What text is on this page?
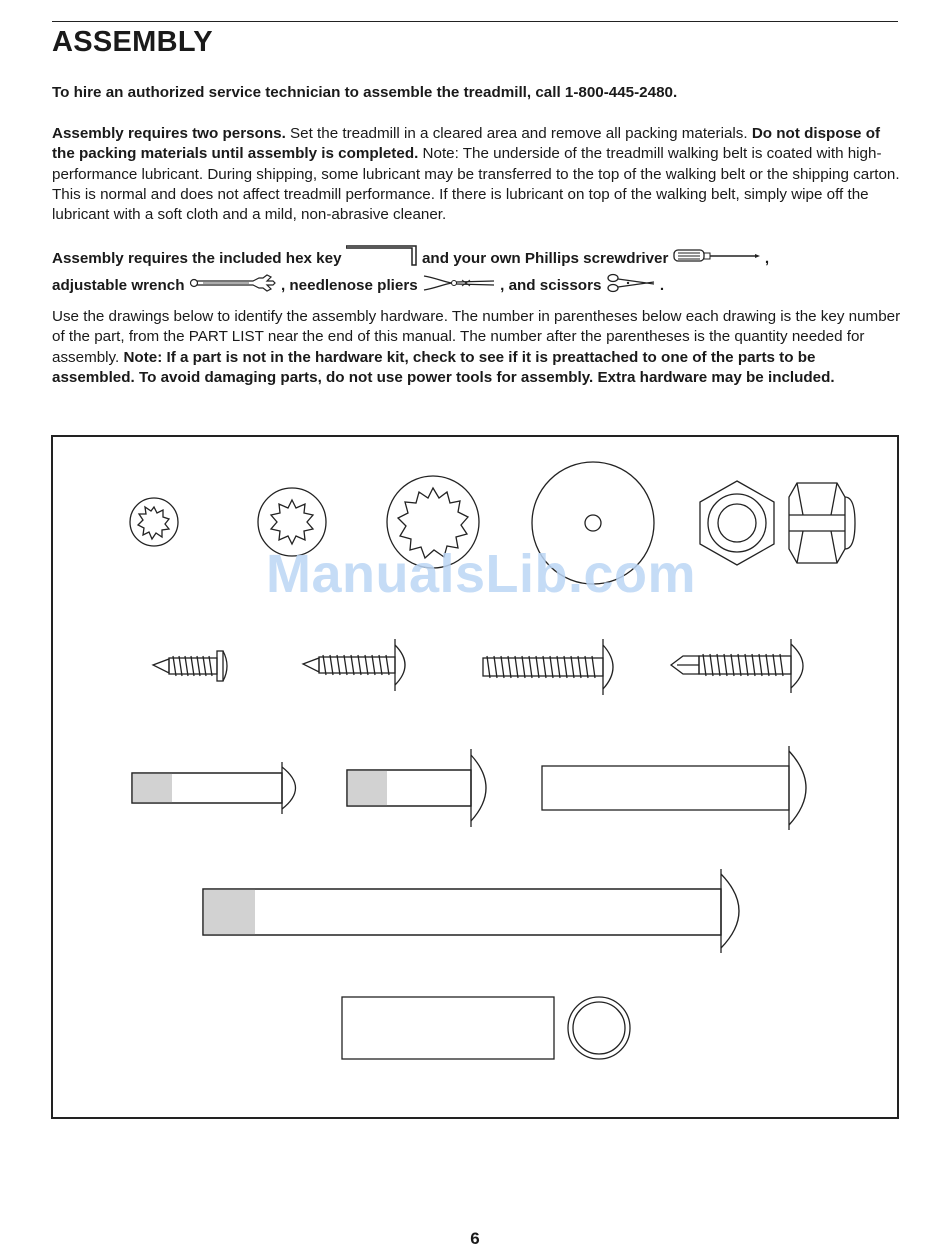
ASSEMBLY
To hire an authorized service technician to assemble the treadmill, call 1-800-445-2480.
Assembly requires two persons. Set the treadmill in a cleared area and remove all packing materials. Do not dispose of the packing materials until assembly is completed. Note: The underside of the treadmill walking belt is coated with high-performance lubricant. During shipping, some lubricant may be transferred to the top of the walking belt or the shipping carton. This is normal and does not affect treadmill performance. If there is lubricant on top of the walking belt, simply wipe off the lubricant with a soft cloth and a mild, non-abrasive cleaner.
Assembly requires the included hex key	and your own Phillips screwdriver	,
adjustable wrench	, needlenose pliers	, and scissors	.
Use the drawings below to identify the assembly hardware. The number in parentheses below each drawing is the key number of the part, from the PART LIST near the end of this manual. The number after the parentheses is the quantity needed for assembly. Note: If a part is not in the hardware kit, check to see if it is preattached to one of the parts to be assembled. To avoid damaging parts, do not use power tools for assembly. Extra hardware may be included.
ManualsLib.com
6
